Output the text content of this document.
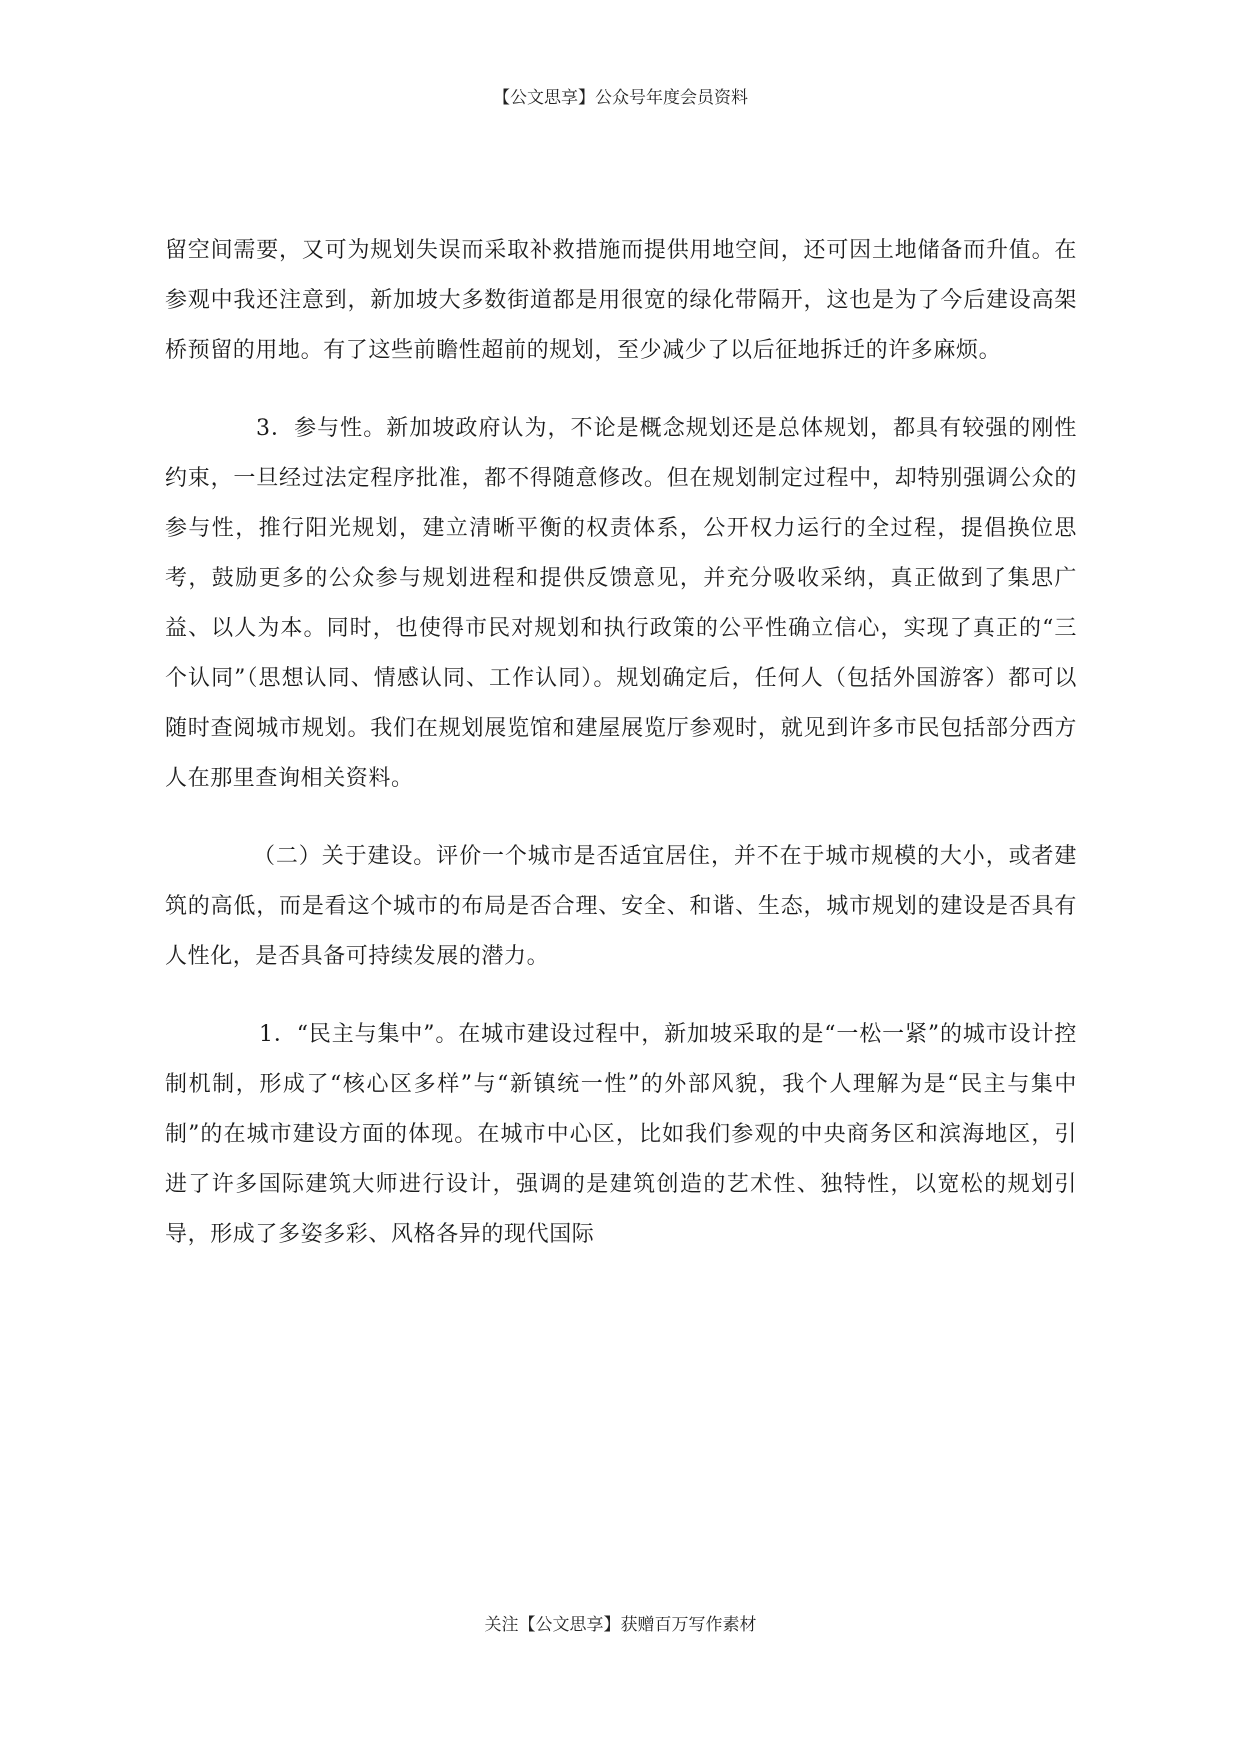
【公文思享】公众号年度会员资料

留空间需要，又可为规划失误而采取补救措施而提供用地空间，还可因土地储备而升值。在参观中我还注意到，新加坡大多数街道都是用很宽的绿化带隔开，这也是为了今后建设高架桥预留的用地。有了这些前瞻性超前的规划，至少减少了以后征地拆迁的许多麻烦。

3．参与性。新加坡政府认为，不论是概念规划还是总体规划，都具有较强的刚性约束，一旦经过法定程序批准，都不得随意修改。但在规划制定过程中，却特别强调公众的参与性，推行阳光规划，建立清晰平衡的权责体系，公开权力运行的全过程，提倡换位思考，鼓励更多的公众参与规划进程和提供反馈意见，并充分吸收采纳，真正做到了集思广益、以人为本。同时，也使得市民对规划和执行政策的公平性确立信心，实现了真正的“三个认同”（思想认同、情感认同、工作认同）。规划确定后，任何人（包括外国游客）都可以随时查阅城市规划。我们在规划展览馆和建屋展览厅参观时，就见到许多市民包括部分西方人在那里查询相关资料。

（二）关于建设。评价一个城市是否适宜居住，并不在于城市规模的大小，或者建筑的高低，而是看这个城市的布局是否合理、安全、和谐、生态，城市规划的建设是否具有人性化，是否具备可持续发展的潜力。

1．“民主与集中”。在城市建设过程中，新加坡采取的是“一松一紧”的城市设计控制机制，形成了“核心区多样”与“新镇统一性”的外部风貌，我个人理解为是“民主与集中制”的在城市建设方面的体现。在城市中心区，比如我们参观的中央商务区和滨海地区，引进了许多国际建筑大师进行设计，强调的是建筑创造的艺术性、独特性，以宽松的规划引导，形成了多姿多彩、风格各异的现代国际

关注【公文思享】获赠百万写作素材
